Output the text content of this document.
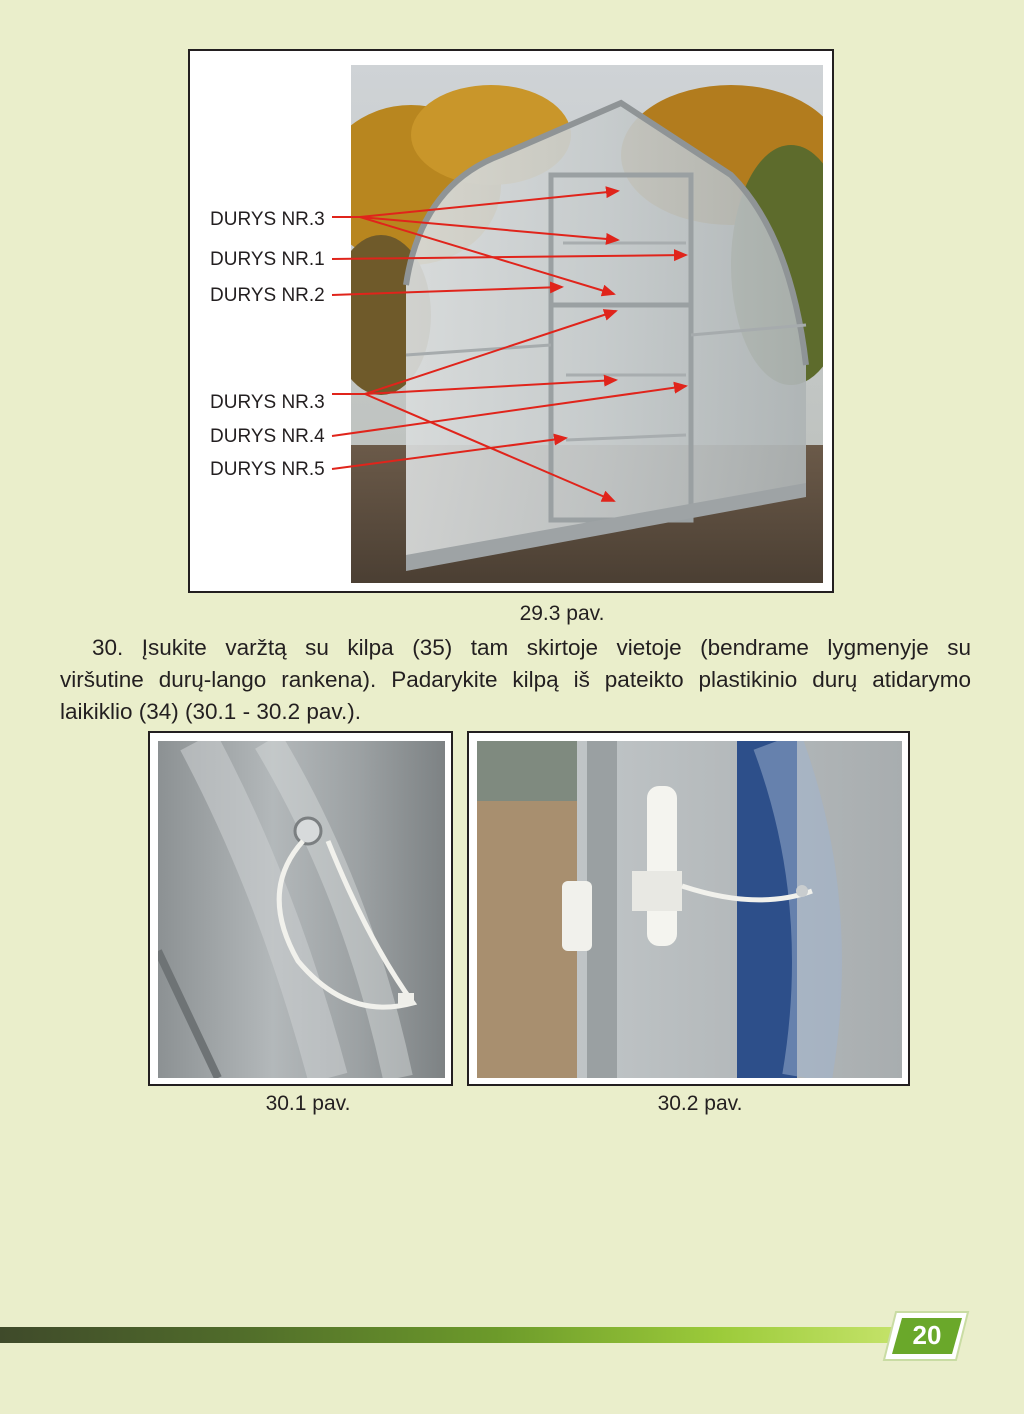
DURYS NR.3
DURYS NR.1
DURYS NR.2
DURYS NR.3
DURYS NR.4
DURYS NR.5
29.3 pav.
30. Įsukite varžtą su kilpa (35) tam skirtoje vietoje (bendrame lygmenyje su
viršutine durų-lango rankena). Padarykite kilpą iš pateikto plastikinio durų atidarymo
laikiklio (34) (30.1 - 30.2 pav.).
30.1 pav.	30.2 pav.
20
